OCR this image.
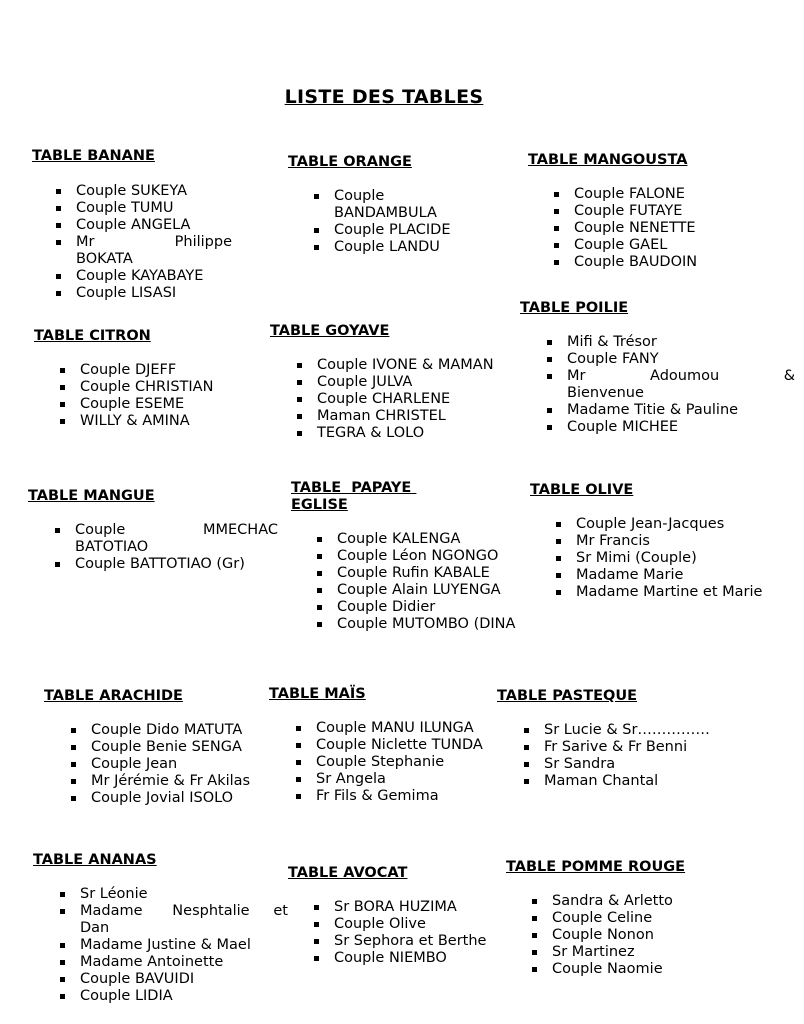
LISTE DES TABLES
TABLE BANANE
Couple SUKEYA
Couple TUMU
Couple ANGELA
Mr          Philippe BOKATA
Couple KAYABAYE
Couple LISASI
TABLE ORANGE
Couple BANDAMBULA
Couple PLACIDE
Couple LANDU
TABLE MANGOUSTA
Couple FALONE
Couple FUTAYE
Couple NENETTE
Couple GAEL
Couple BAUDOIN
TABLE POILIE
Mifi & Trésor
Couple FANY
Mr          Adoumou          & Bienvenue
Madame Titie & Pauline
Couple MICHEE
TABLE CITRON
Couple DJEFF
Couple CHRISTIAN
Couple ESEME
WILLY & AMINA
TABLE GOYAVE
Couple IVONE & MAMAN
Couple JULVA
Couple CHARLENE
Maman CHRISTEL
TEGRA & LOLO
TABLE MANGUE
Couple            MMECHAC BATOTIAO
Couple BATTOTIAO (Gr)
TABLE  PAPAYE EGLISE
Couple KALENGA
Couple Léon NGONGO
Couple Rufin KABALE
Couple Alain LUYENGA
Couple Didier
Couple MUTOMBO (DINA
TABLE OLIVE
Couple Jean-Jacques
Mr Francis
Sr Mimi (Couple)
Madame Marie
Madame Martine et Marie
TABLE ARACHIDE
Couple Dido MATUTA
Couple Benie SENGA
Couple Jean
Mr Jérémie & Fr Akilas
Couple Jovial ISOLO
TABLE MAÏS
Couple MANU ILUNGA
Couple Niclette TUNDA
Couple Stephanie
Sr Angela
Fr Fils & Gemima
TABLE PASTEQUE
Sr Lucie & Sr……………
Fr Sarive & Fr Benni
Sr Sandra
Maman Chantal
TABLE ANANAS
Sr Léonie
Madame     Nesphtalie    et Dan
Madame Justine & Mael
Madame Antoinette
Couple BAVUIDI
Couple LIDIA
TABLE AVOCAT
Sr BORA HUZIMA
Couple Olive
Sr Sephora et Berthe
Couple NIEMBO
TABLE POMME ROUGE
Sandra & Arletto
Couple Celine
Couple Nonon
Sr Martinez
Couple Naomie
